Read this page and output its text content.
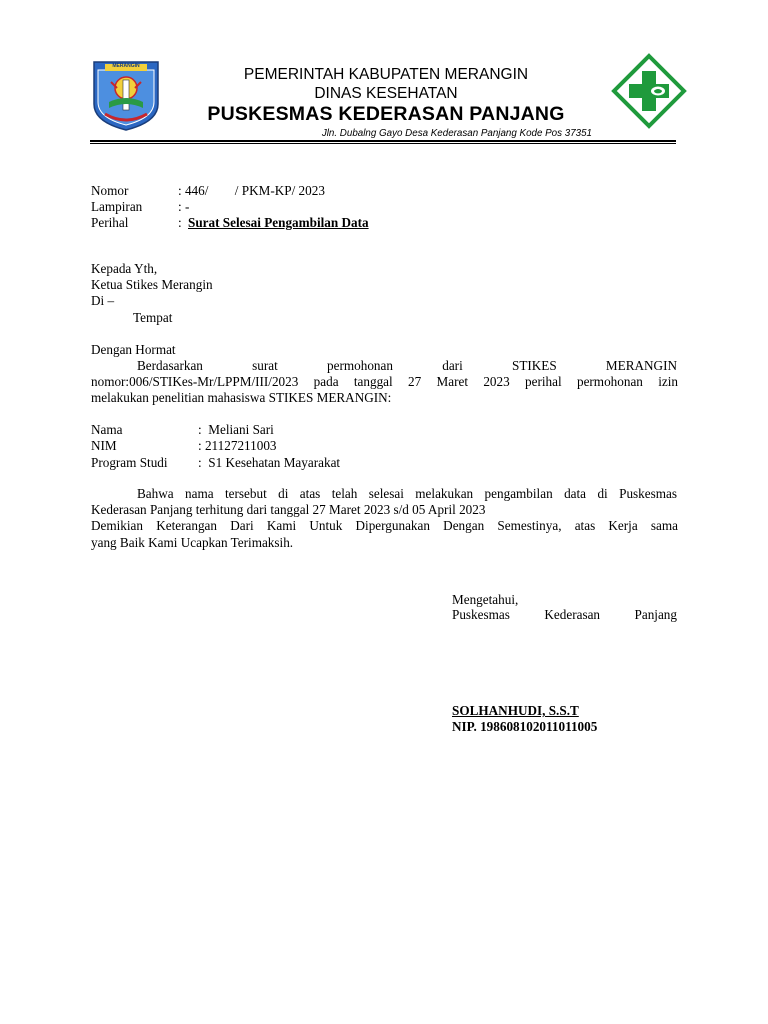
MERANGIN	PEMERINTAH KABUPATEN MERANGIN
DINAS KESEHATAN
PUSKESMAS KEDERASAN PANJANG
Jln. Dubalng Gayo Desa Kederasan Panjang Kode Pos 37351
Nomor	: 446/        / PKM-KP/ 2023
Lampiran	: -
Perihal	: Surat Selesai Pengambilan Data
Kepada Yth,
Ketua Stikes Merangin
Di –
Tempat
Dengan Hormat
Berdasarkan surat permohonan dari STIKES MERANGIN
nomor:006/STIKes-Mr/LPPM/III/2023 pada tanggal 27 Maret 2023 perihal permohonan izin
melakukan penelitian mahasiswa STIKES MERANGIN:
Nama	:  Meliani Sari
NIM	: 21127211003
Program Studi :  S1 Kesehatan Mayarakat
Bahwa nama tersebut di atas telah selesai melakukan pengambilan data di Puskesmas
Kederasan Panjang terhitung dari tanggal 27 Maret 2023 s/d 05 April 2023
Demikian Keterangan Dari Kami Untuk Dipergunakan Dengan Semestinya, atas Kerja sama
yang Baik Kami Ucapkan Terimaksih.
Mengetahui,
Puskesmas Kederasan Panjang
SOLHANHUDI, S.S.T
NIP. 198608102011011005
